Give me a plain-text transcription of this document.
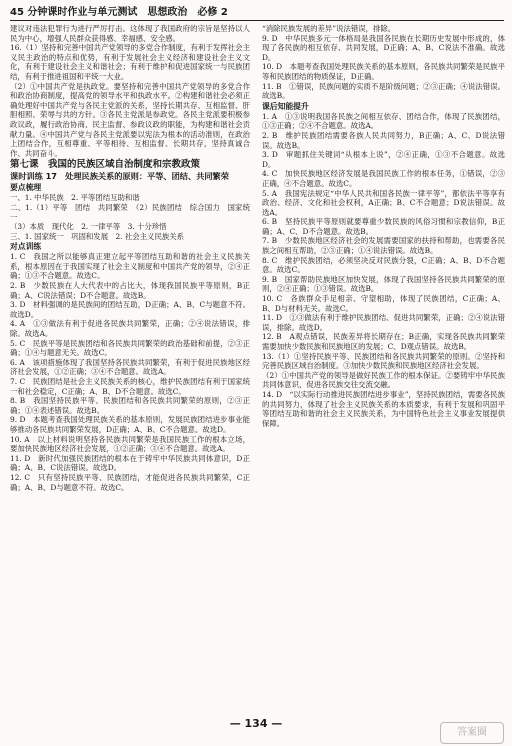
45 分钟课时作业与单元测试　思想政治　必修 2

建议对违法犯罪行为进行严厉打击。这体现了我国政府的宗旨是坚持以人民为中心，增强人民群众获得感、幸福感、安全感。

16.（1）坚持和完善中国共产党领导的多党合作制度，有利于发挥社会主义民主政治的特点和优势，有利于发展社会主义经济和建设社会主义文化，有利于建设社会主义和谐社会；有利于维护和促进国家统一与民族团结，有利于推进祖国和平统一大业。

（2）①中国共产党是执政党。要坚持和完善中国共产党领导的多党合作和政治协商制度，提高党的领导水平和执政水平。②构建和谐社会必须正确处理好中国共产党与各民主党派的关系，坚持长期共存、互相监督、肝胆相照、荣辱与共的方针。③各民主党派是参政党。各民主党派要积极参政议政，履行政治协商、民主监督、参政议政的职能，为构建和谐社会贡献力量。④中国共产党与各民主党派要以宪法为根本的活动准则，在政治上团结合作，互相尊重、平等相待、互相监督、长期共存，坚持真诚合作、共同奋斗。

第七课　我国的民族区域自治制度和宗教政策

课时训练 17　处理民族关系的原则：平等、团结、共同繁荣

要点梳理

一、1. 中华民族　2. 平等团结互助和谐

二、1.（1）平等　团结　共同繁荣　（2）民族团结　综合国力　国家统一

（3）本质　现代化　2. 一律平等　3. 十分珍惜

三、1. 国家统一　巩固和发展　2. 社会主义民族关系

对点训练

1. C　我国之所以能够真正建立起平等团结互助和谐的社会主义民族关系，根本原因在于我国实现了社会主义制度和中国共产党的领导，②④正确；①③不合题意。故选C。

2. B　少数民族在人大代表中的占比大，体现我国民族平等原则，B正确；A、C说法错误；D不合题意。故选B。

3. D　材料强调的是民族间的团结互助，D正确；A、B、C与题意不符。故选D。

4. A　①③做法有利于促进各民族共同繁荣，正确；②④说法错误，排除。故选A。

5. C　民族平等是民族团结和各民族共同繁荣的政治基础和前提，②③正确；①④与题意无关。故选C。

6. A　该项措施体现了我国坚持各民族共同繁荣，有利于促进民族地区经济社会发展，①②正确；③④不合题意。故选A。

7. C　民族团结是社会主义民族关系的核心，维护民族团结有利于国家统一和社会稳定，C正确；A、B、D不合题意。故选C。

8. B　我国坚持民族平等、民族团结和各民族共同繁荣的原则，②③正确；①④表述错误。故选B。

9. D　本题考查我国处理民族关系的基本原则，发展民族团结进步事业能够推动各民族共同繁荣发展，D正确；A、B、C不合题意。故选D。

10. A　以上材料说明坚持各民族共同繁荣是我国民族工作的根本立场，要加快民族地区经济社会发展，①②正确；③④不合题意。故选A。

11. D　新时代加强民族团结的根本在于铸牢中华民族共同体意识，D正确；A、B、C说法错误。故选D。

12. C　只有坚持民族平等、民族团结，才能促进各民族共同繁荣，C正确；A、B、D与题意不符。故选C。

“消除民族发展的差异”说法错误，排除。

9. D　中华民族多元一体格局是我国各民族在长期历史发展中形成的，体现了各民族的相互依存、共同发展，D正确；A、B、C说法不准确。故选D。

10. D　本题考查我国处理民族关系的基本原则，各民族共同繁荣是民族平等和民族团结的物质保证，D正确。

11. B　①错误，民族问题的实质不是阶级问题；②③正确；④说法错误。故选B。

课后知能提升

1. A　①③说明我国各民族之间相互依存、团结合作，体现了民族团结，①③正确；②④不合题意。故选A。

2. B　维护民族团结需要各族人民共同努力，B正确；A、C、D说法错误。故选B。

3. D　审题抓住关键词“从根本上说”，②④正确，①③不合题意。故选D。

4. C　加快民族地区经济发展是我国民族工作的根本任务，①错误，②③正确，④不合题意。故选C。

5. A　我国宪法规定“中华人民共和国各民族一律平等”，都依法平等享有政治、经济、文化和社会权利，A正确；B、C不合题意；D说法错误。故选A。

6. B　坚持民族平等原则就要尊重少数民族的风俗习惯和宗教信仰，B正确；A、C、D不合题意。故选B。

7. B　少数民族地区经济社会的发展需要国家的扶持和帮助，也需要各民族之间相互帮助，②③正确；①④说法错误。故选B。

8. C　维护民族团结，必须坚决反对民族分裂，C正确；A、B、D不合题意。故选C。

9. B　国家帮助民族地区加快发展，体现了我国坚持各民族共同繁荣的原则，②④正确；①③错误。故选B。

10. C　各族群众手足相亲、守望相助，体现了民族团结，C正确；A、B、D与材料无关。故选C。

11. D　①③做法有利于维护民族团结、促进共同繁荣，正确；②④说法错误，排除。故选D。

12. B　A观点错误，民族差异将长期存在；B正确，实现各民族共同繁荣需要加快少数民族和民族地区的发展；C、D观点错误。故选B。

13.（1）①坚持民族平等、民族团结和各民族共同繁荣的原则。②坚持和完善民族区域自治制度。③加快少数民族和民族地区经济社会发展。

（2）①中国共产党的领导是做好民族工作的根本保证。②要铸牢中华民族共同体意识，促进各民族交往交流交融。

14. D　“以实际行动推进民族团结进步事业”，坚持民族团结，需要各民族的共同努力，体现了社会主义民族关系的本质要求，有利于发展和巩固平等团结互助和谐的社会主义民族关系，为中国特色社会主义事业发展提供保障。

— 134 —
答案圈
